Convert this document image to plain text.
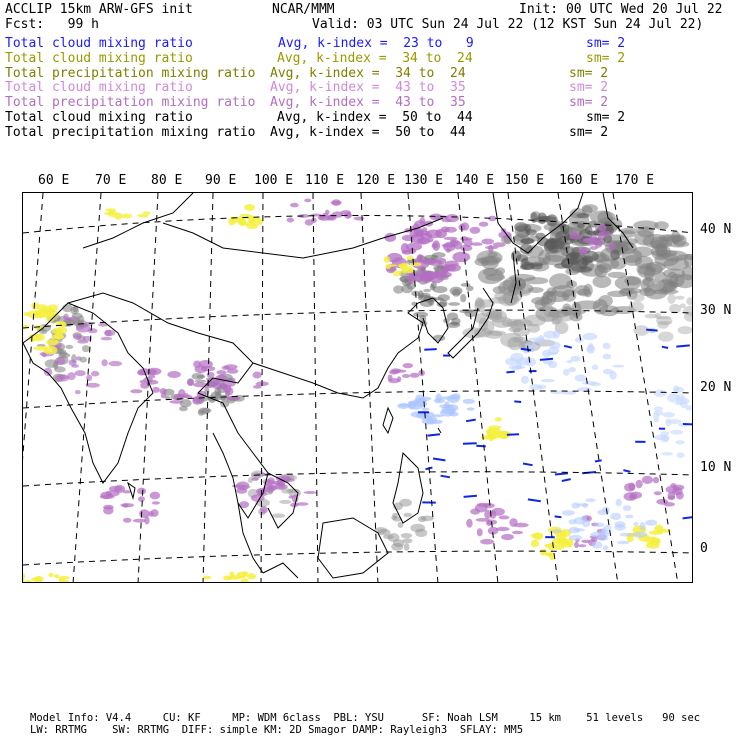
ACCLIP 15km ARW-GFS init	NCAR/MMM	Init: 00 UTC Wed 20 Jul 22
Fcst:   99 h	Valid: 03 UTC Sun 24 Jul 22 (12 KST Sun 24 Jul 22)
Total cloud mixing ratio	Avg, k-index =  23 to   9	sm= 2
Total cloud mixing ratio	Avg, k-index =  34 to  24	sm= 2
Total precipitation mixing ratio Avg, k-index =  34 to  24	sm= 2
Total cloud mixing ratio	Avg, k-index =  43 to  35	sm= 2
Total precipitation mixing ratio Avg, k-index =  43 to  35	sm= 2
Total cloud mixing ratio	Avg, k-index =  50 to  44	sm= 2
Total precipitation mixing ratio Avg, k-index =  50 to  44	sm= 2
60 E 70 E 80 E 90 E 100 E 110 E 120 E 130 E 140 E 150 E 160 E 170 E
40 N
30 N
20 N
10 N
0
Model Info: V4.4     CU: KF     MP: WDM 6class  PBL: YSU      SF: Noah LSM     15 km    51 levels   90 sec
LW: RRTMG    SW: RRTMG  DIFF: simple KM: 2D Smagor DAMP: Rayleigh3  SFLAY: MM5
